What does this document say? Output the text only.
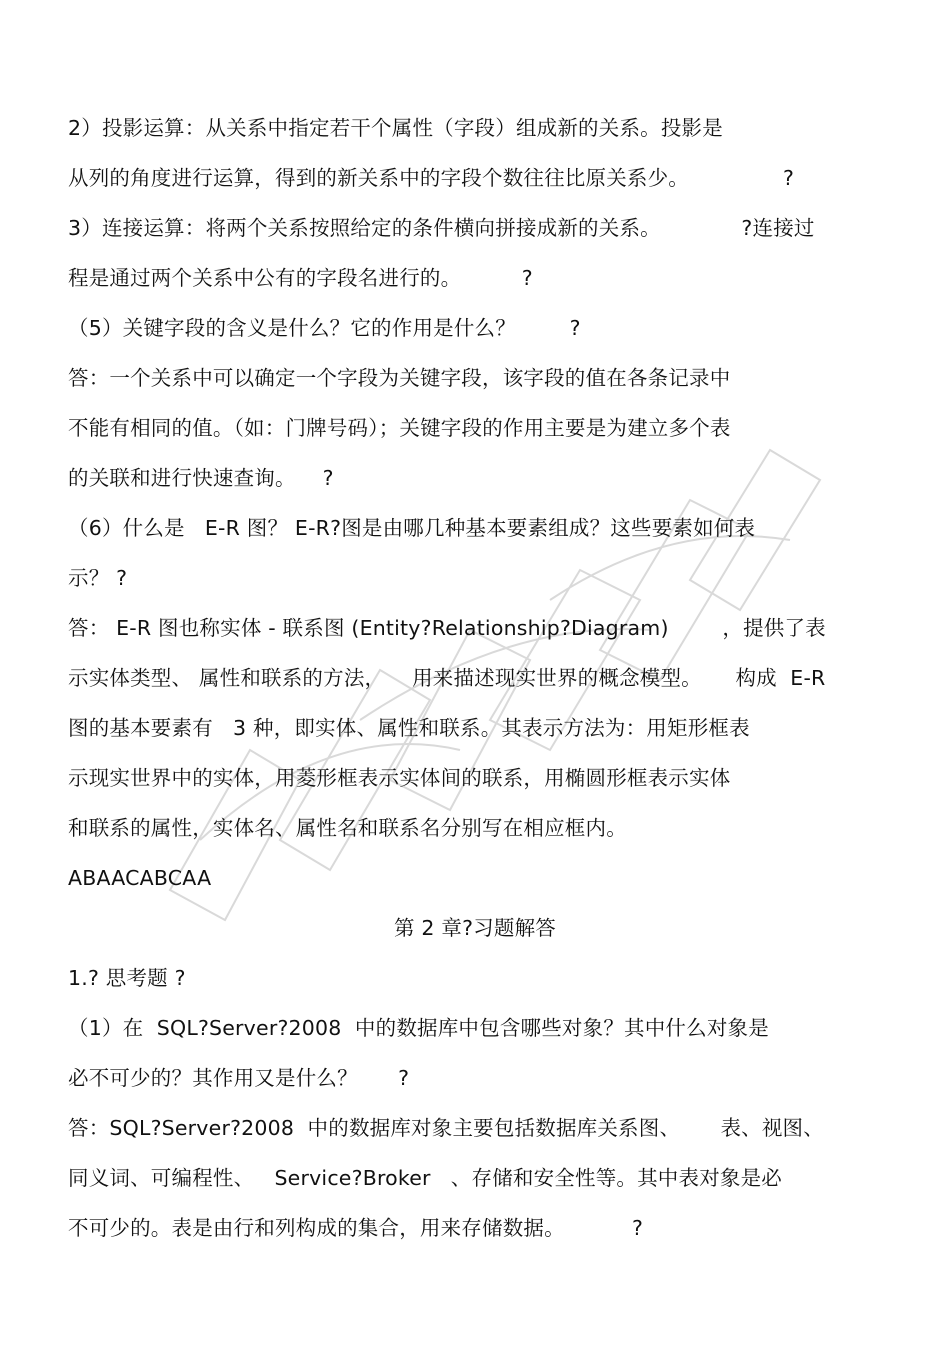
2）投影运算：从关系中指定若干个属性（字段）组成新的关系。投影是
从列的角度进行运算，得到的新关系中的字段个数往往比原关系少。              ?
3）连接运算：将两个关系按照给定的条件横向拼接成新的关系。            ?连接过
程是通过两个关系中公有的字段名进行的。         ?
（5）关键字段的含义是什么？它的作用是什么？        ?
答：一个关系中可以确定一个字段为关键字段，该字段的值在各条记录中
不能有相同的值。（如：门牌号码）；关键字段的作用主要是为建立多个表
的关联和进行快速查询。    ?
（6）什么是   E-R 图？ E-R?图是由哪几种基本要素组成？这些要素如何表
示？ ?
答： E-R 图也称实体 - 联系图 (Entity?Relationship?Diagram)        ，提供了表
示实体类型、 属性和联系的方法，    用来描述现实世界的概念模型。     构成  E-R
图的基本要素有   3 种，即实体、属性和联系。其表示方法为：用矩形框表
示现实世界中的实体，用菱形框表示实体间的联系，用椭圆形框表示实体
和联系的属性，实体名、属性名和联系名分别写在相应框内。
ABAACABCAA
第 2 章?习题解答
1.? 思考题 ?
（1）在  SQL?Server?2008  中的数据库中包含哪些对象？其中什么对象是
必不可少的？其作用又是什么？      ?
答：SQL?Server?2008  中的数据库对象主要包括数据库关系图、      表、视图、
同义词、可编程性、   Service?Broker   、存储和安全性等。其中表对象是必
不可少的。表是由行和列构成的集合，用来存储数据。          ?
